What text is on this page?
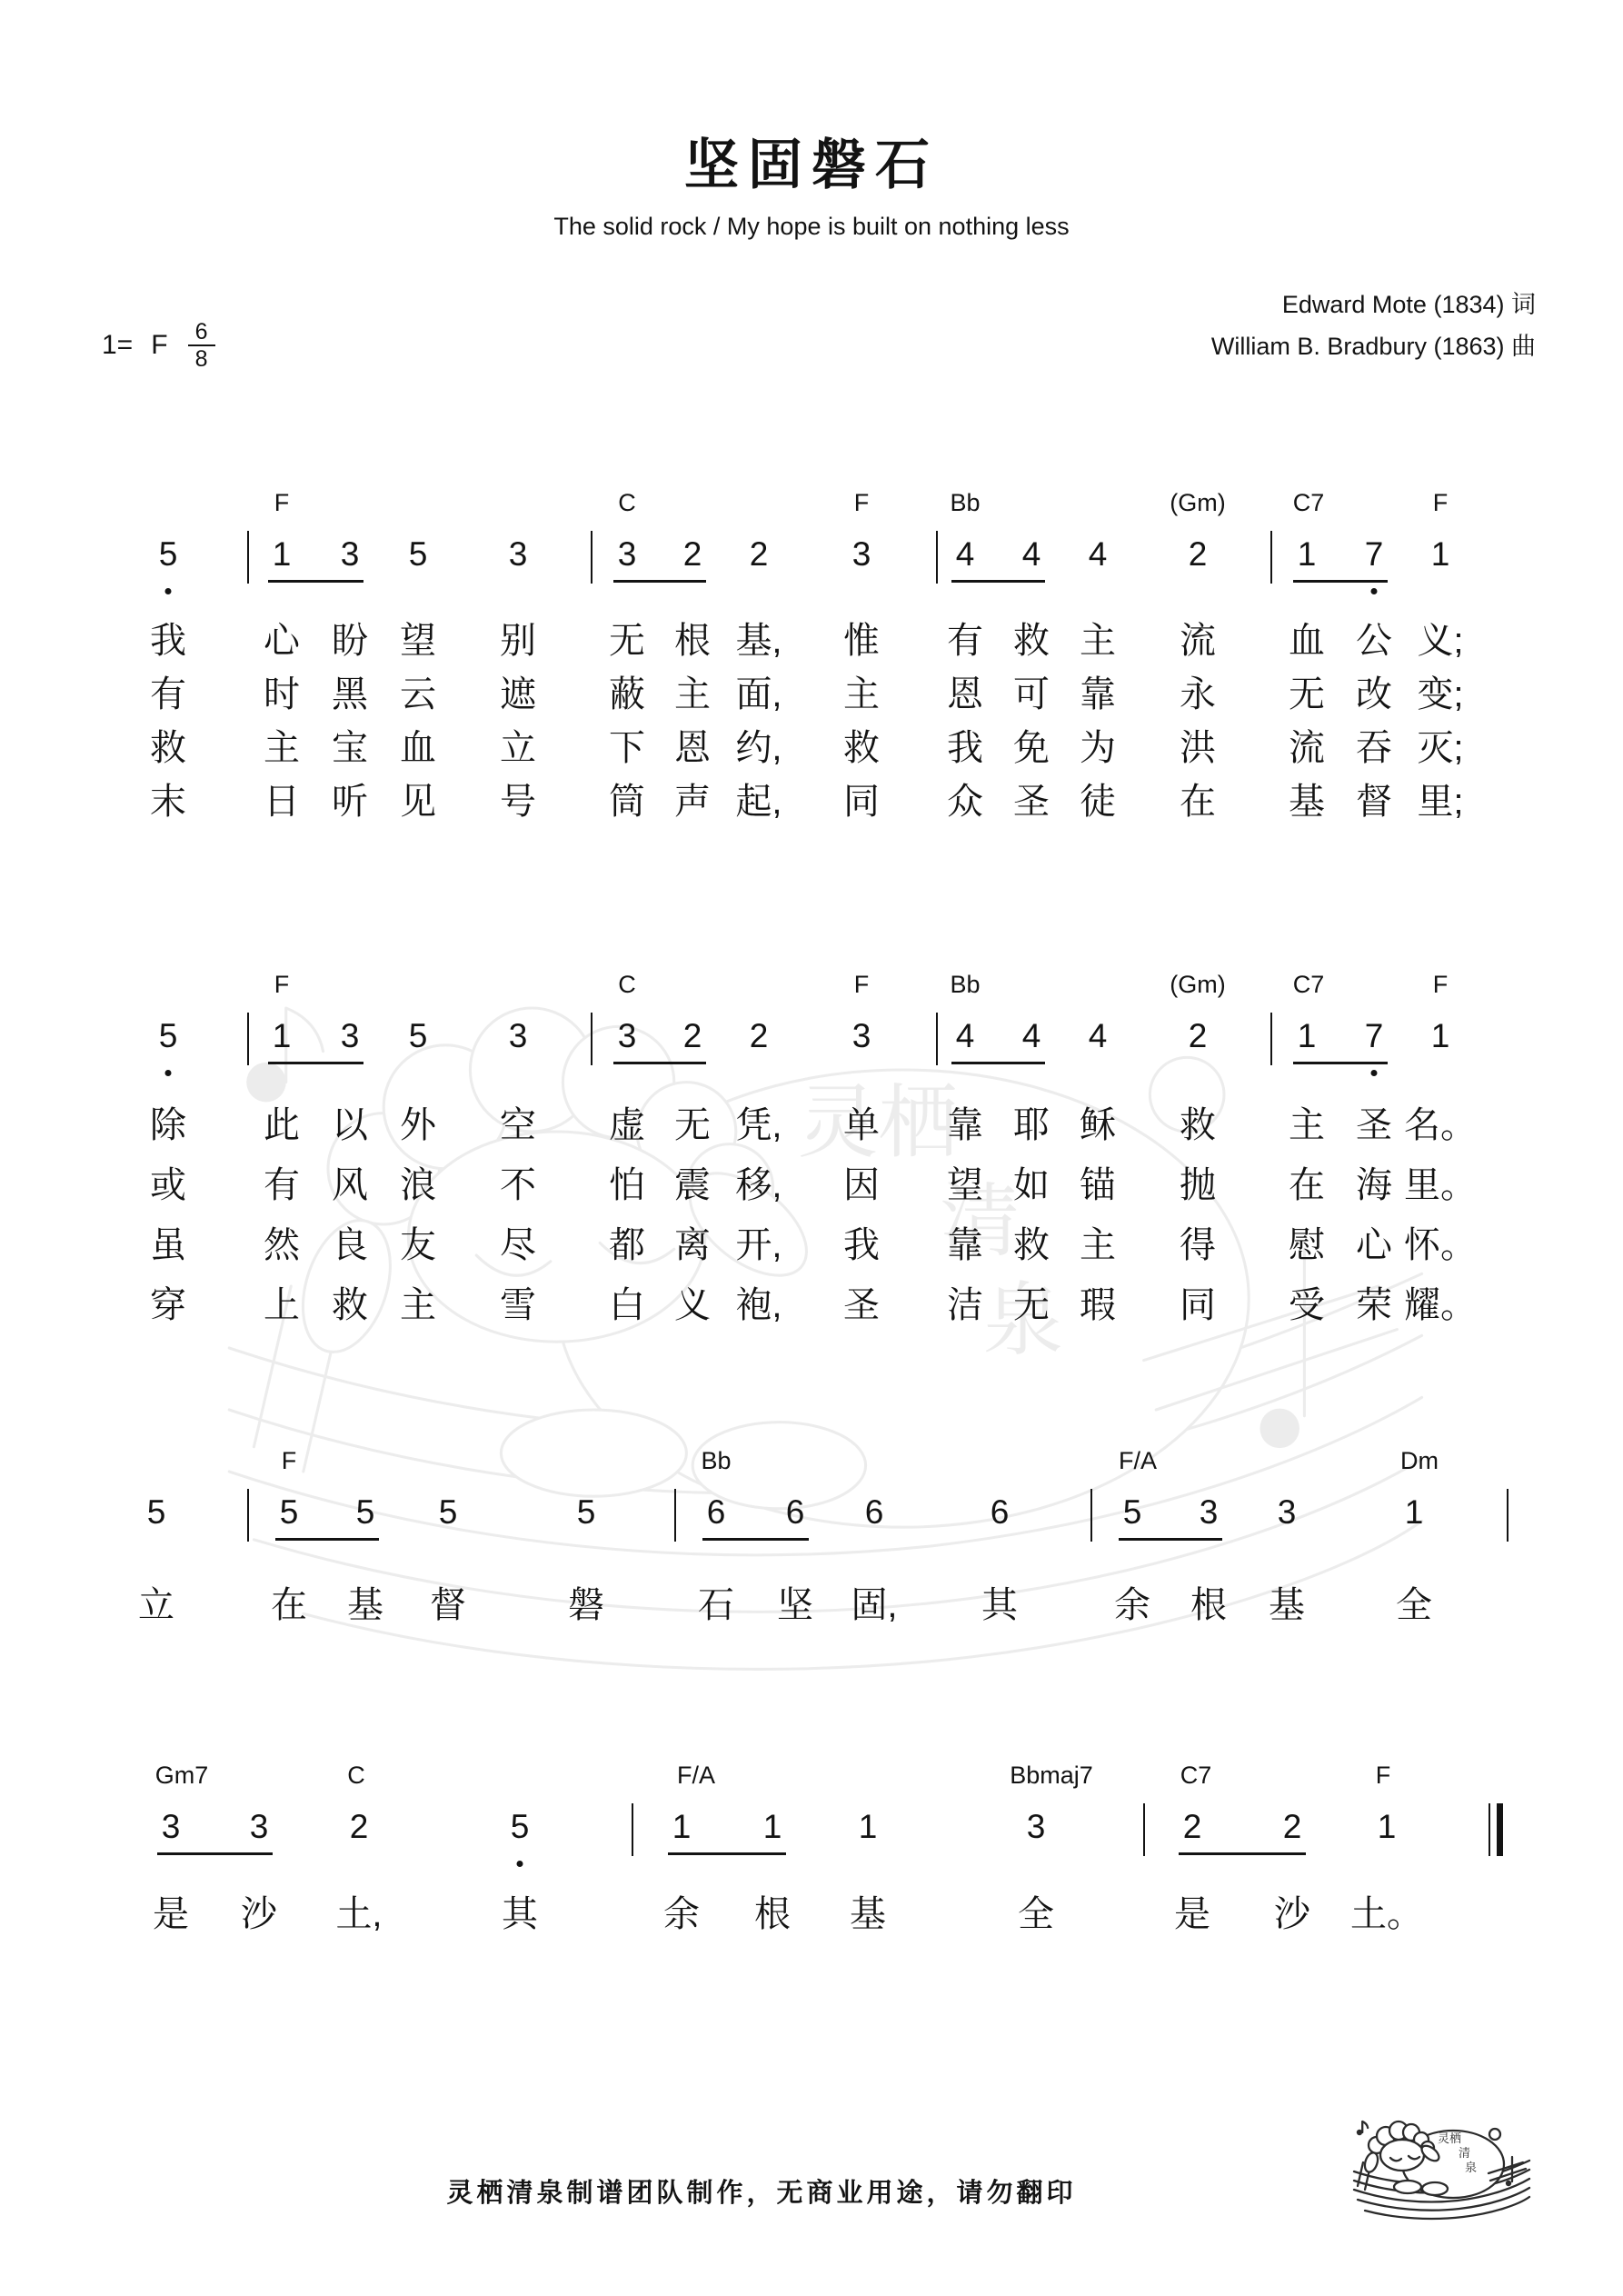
坚固磐石
The solid rock / My hope is built on nothing less
Edward Mote (1834) 词
William B. Bradbury (1863) 曲
1= F $\frac{6}{8}$
F	C	F	Bb	(Gm)	C7	F
5	1 3 5 3	3 2 2 3	4 4 4 2	1 7 1
我 心 盼 望 别 无 根 基, 惟 有 救 主 流 血 公 义;
有 时 黑 云 遮 蔽 主 面, 主 恩 可 靠 永 无 改 变;
救 主 宝 血 立 下 恩 约, 救 我 免 为 洪 流 吞 灭;
末 日 听 见 号 筒 声 起, 同 众 圣 徒 在 基 督 里;
F	C	F	Bb	(Gm)	C7	F
5	1 3 5 3	3 2 2 3	4 4 4 2	1 7 1
除 此 以 外 空 虚 无 凭, 单 靠 耶 稣 救 主 圣 名。
或 有 风 浪 不 怕 震 移, 因 望 如 锚 抛 在 海 里。
虽 然 良 友 尽 都 离 开, 我 靠 救 主 得 慰 心 怀。
穿 上 救 主 雪 白 义 袍, 圣 洁 无 瑕 同 受 荣 耀。
F	Bb	F/A	Dm
5	5 5 5	5	6 6 6	6	5 3 3	1
立	在 基 督	磐	石 坚 固, 其	余 根 基	全
Gm7	C	F/A	Bbmaj7	C7	F
3 3 2	5	1 1 1	3	2 2 1
是 沙 土,	其	余 根 基	全	是 沙 土。
灵栖清泉制谱团队制作，无商业用途，请勿翻印
